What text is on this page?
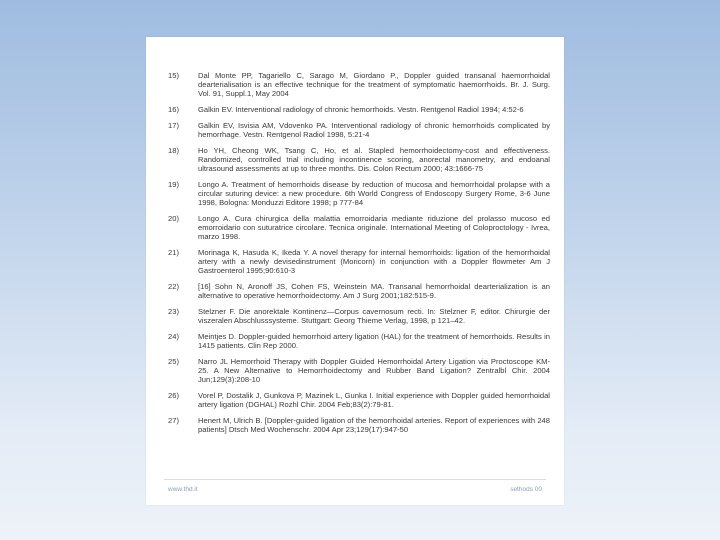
15)	Dal Monte PP, Tagariello C, Sarago M, Giordano P., Doppler guided transanal haemorrhoidal dearterialisation is an effective technique for the treatment of symptomatic haemorrhoids. Br. J. Surg. Vol. 91, Suppl.1, May 2004
16)	Galkin EV. Interventional radiology of chronic hemorrhoids. Vestn. Rentgenol Radiol 1994; 4:52-6
17)	Galkin EV, Isvisia AM, Vdovenko PA. Interventional radiology of chronic hemorrhoids complicated by hemorrhage. Vestn. Rentgenol Radiol 1998, 5:21-4
18)	Ho YH, Cheong WK, Tsang C, Ho, et al. Stapled hemorrhoidectomy-cost and effectiveness. Randomized, controlled trial including incontinence scoring, anorectal manometry, and endoanal ultrasound assessments at up to three months. Dis. Colon Rectum 2000; 43:1666-75
19)	Longo A. Treatment of hemorrhoids disease by reduction of mucosa and hemorrhoidal prolapse with a circular suturing device: a new procedure. 6th World Congress of Endoscopy Surgery Rome, 3-6 June 1998, Bologna: Monduzzi Editore 1998; p 777-84
20)	Longo A. Cura chirurgica della malattia emorroidaria mediante riduzione del prolasso mucoso ed emorroidario con suturatrice circolare. Tecnica originale. International Meeting of Coloproctology - Ivrea, marzo 1998.
21)	Morinaga K, Hasuda K, Ikeda Y. A novel therapy for internal hemorrhoids: ligation of the hemorrhoidal artery with a newly devisedinstrument (Moricorn) in conjunction with a Doppler flowmeter Am J Gastroenterol 1995;90:610-3
22)	[16] Sohn N, Aronoff JS, Cohen FS, Weinstein MA. Transanal hemorrhoidal dearterialization is an alternative to operative hemorrhoidectomy. Am J Surg 2001;182:515-9.
23)	Stelzner F. Die anorektale Kontinenz—Corpus cavernosum recti. In: Stelzner F, editor. Chirurgie der viszeralen Abschlusssysteme. Stuttgart: Georg Thieme Verlag, 1998, p 121–42.
24)	Meintjes D. Doppler-guided hemorrhoid artery ligation (HAL) for the treatment of hemorrhoids. Results in 1415 patients. Clin Rep 2000.
25)	Narro JL Hemorrhoid Therapy with Doppler Guided Hemorrhoidal Artery Ligation via Proctoscope KM-25. A New Alternative to Hemorrhoidectomy and Rubber Band Ligation? Zentralbl Chir. 2004 Jun;129(3):208-10
26)	Vorel P, Dostalik J, Gunkova P, Mazinek L, Gunka I. Initial experience with Doppler guided hemorrhoidal artery ligation (DGHAL) Rozhl Chir. 2004 Feb;83(2):79-81.
27)	Henert M, Ulrich B. [Doppler-guided ligation of the hemorrhoidal arteries. Report of experiences with 248 patients] Dtsch Med Wochenschr. 2004 Apr 23;129(17):947-50
www.thd.it	sethods 00
